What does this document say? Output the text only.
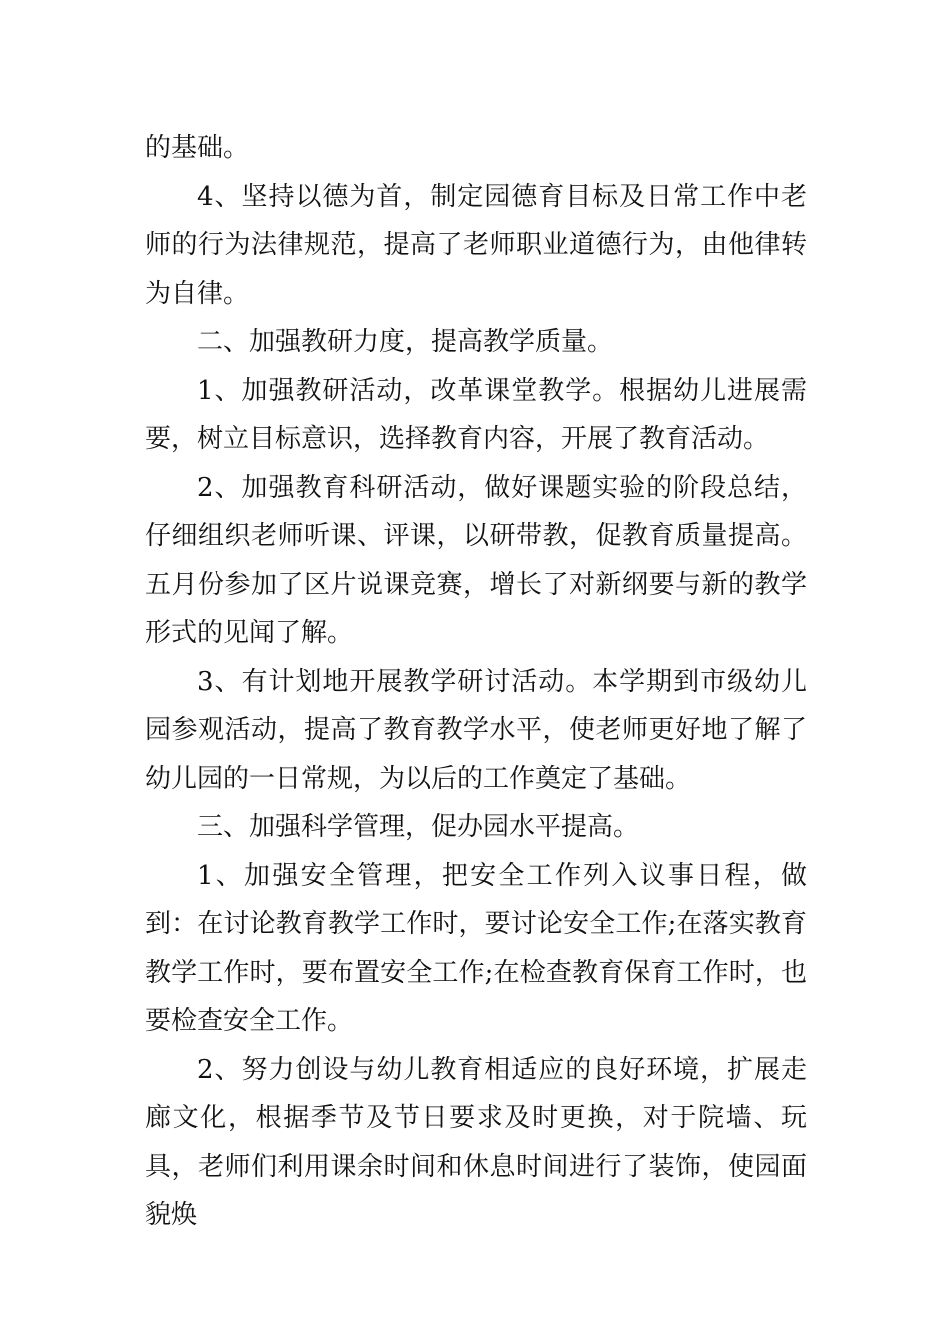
的基础。

4、坚持以德为首，制定园德育目标及日常工作中老师的行为法律规范，提高了老师职业道德行为，由他律转为自律。

二、加强教研力度，提高教学质量。

1、加强教研活动，改革课堂教学。根据幼儿进展需要，树立目标意识，选择教育内容，开展了教育活动。

2、加强教育科研活动，做好课题实验的阶段总结，仔细组织老师听课、评课，以研带教，促教育质量提高。五月份参加了区片说课竞赛，增长了对新纲要与新的教学形式的见闻了解。

3、有计划地开展教学研讨活动。本学期到市级幼儿园参观活动，提高了教育教学水平，使老师更好地了解了幼儿园的一日常规，为以后的工作奠定了基础。

三、加强科学管理，促办园水平提高。

1、加强安全管理，把安全工作列入议事日程，做到：在讨论教育教学工作时，要讨论安全工作;在落实教育教学工作时，要布置安全工作;在检查教育保育工作时，也要检查安全工作。

2、努力创设与幼儿教育相适应的良好环境，扩展走廊文化，根据季节及节日要求及时更换，对于院墙、玩具，老师们利用课余时间和休息时间进行了装饰，使园面貌焕
